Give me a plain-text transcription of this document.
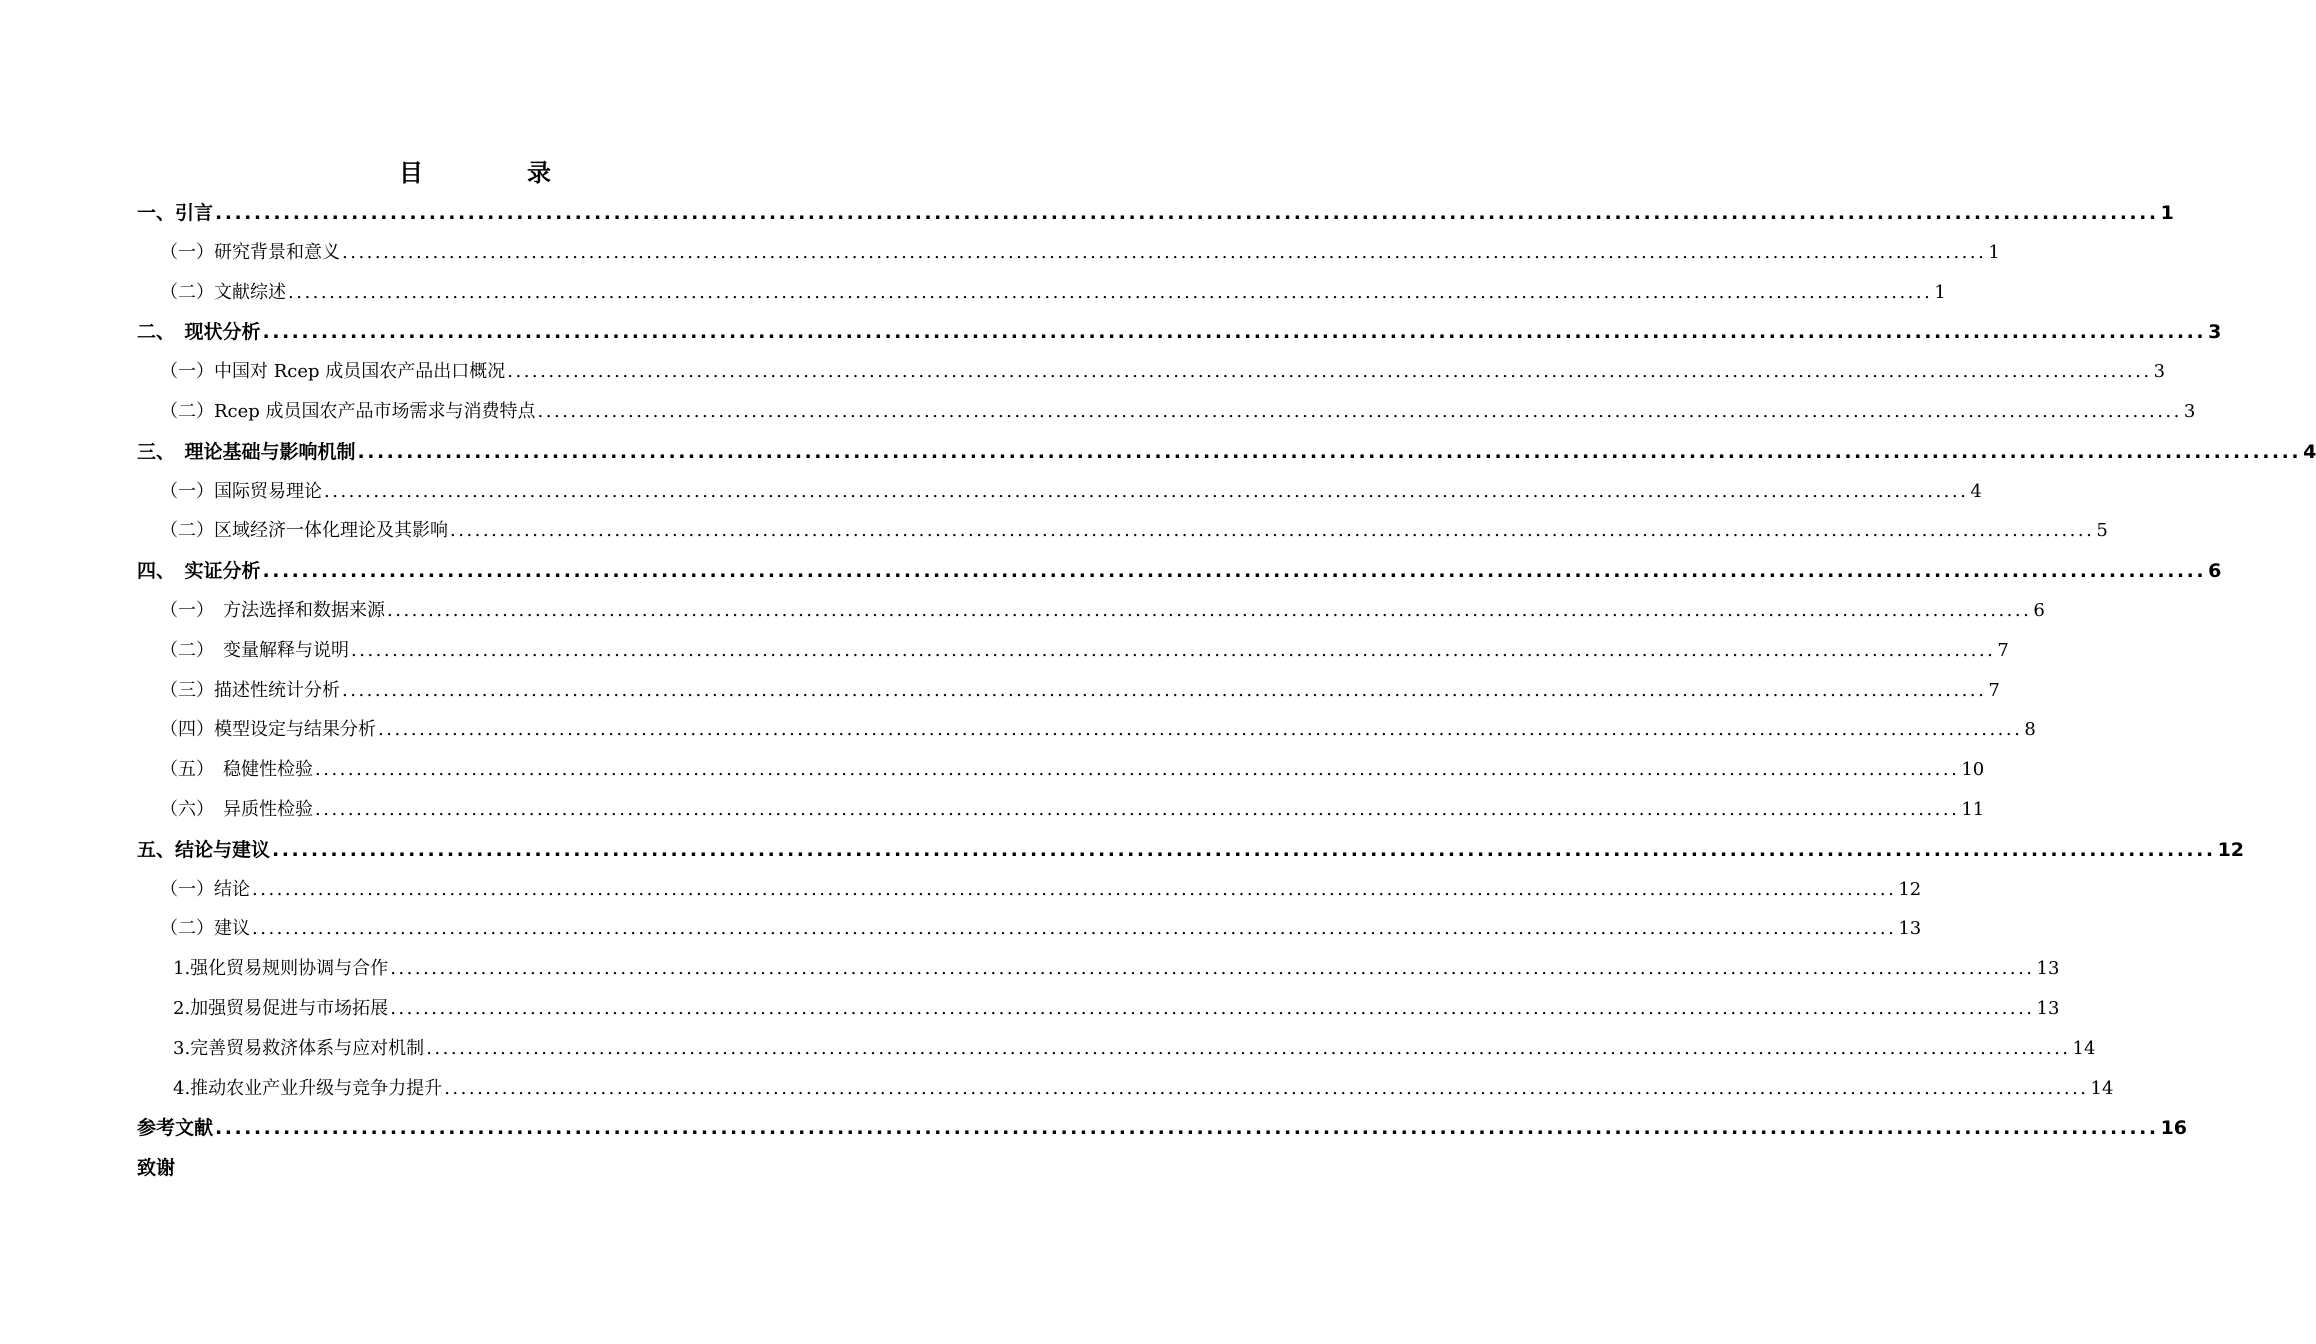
目　录
一、引言 ........................................................................................................................................................................................................ 1
（一）研究背景和意义 ........................................................................................................................................................................................................ 1
（二）文献综述 ........................................................................................................................................................................................................ 1
二、　现状分析 ........................................................................................................................................................................................................ 3
（一）中国对 Rcep 成员国农产品出口概况 ........................................................................................................................................................................................................ 3
（二）Rcep 成员国农产品市场需求与消费特点 ........................................................................................................................................................................................................ 3
三、　理论基础与影响机制 ........................................................................................................................................................................................................ 4
（一）国际贸易理论 ........................................................................................................................................................................................................ 4
（二）区域经济一体化理论及其影响 ........................................................................................................................................................................................................ 5
四、　实证分析 ........................................................................................................................................................................................................ 6
（一）　方法选择和数据来源 ........................................................................................................................................................................................................ 6
（二）　变量解释与说明 ........................................................................................................................................................................................................ 7
（三）描述性统计分析 ........................................................................................................................................................................................................ 7
（四）模型设定与结果分析 ........................................................................................................................................................................................................ 8
（五）　稳健性检验 ........................................................................................................................................................................................................ 10
（六）　异质性检验 ........................................................................................................................................................................................................ 11
五、结论与建议 ........................................................................................................................................................................................................ 12
（一）结论 ........................................................................................................................................................................................................ 12
（二）建议 ........................................................................................................................................................................................................ 13
1.强化贸易规则协调与合作 ........................................................................................................................................................................................................ 13
2.加强贸易促进与市场拓展 ........................................................................................................................................................................................................ 13
3.完善贸易救济体系与应对机制 ........................................................................................................................................................................................................ 14
4.推动农业产业升级与竞争力提升 ........................................................................................................................................................................................................ 14
参考文献 ........................................................................................................................................................................................................ 16
致谢
